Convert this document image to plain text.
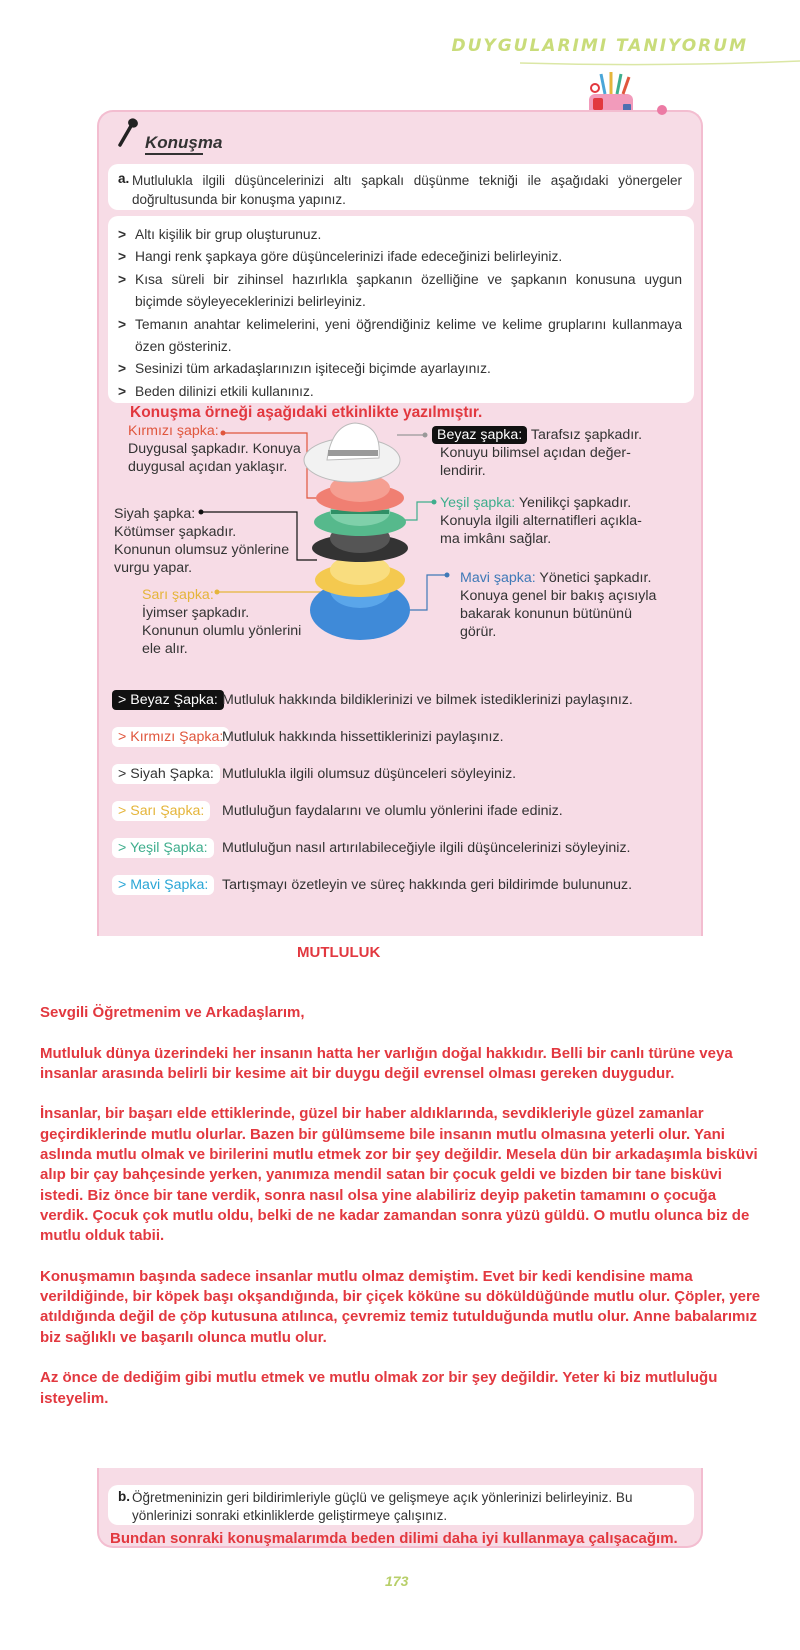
DUYGULARIMI TANIYORUM
Konuşma
a. Mutlulukla ilgili düşüncelerinizi altı şapkalı düşünme tekniği ile aşağıdaki yönergeler doğrultusunda bir konuşma yapınız.
> Altı kişilik bir grup oluşturunuz.
> Hangi renk şapkaya göre düşüncelerinizi ifade edeceğinizi belirleyiniz.
> Kısa süreli bir zihinsel hazırlıkla şapkanın özelliğine ve şapkanın konusuna uygun biçimde söyleyeceklerinizi belirleyiniz.
> Temanın anahtar kelimelerini, yeni öğrendiğiniz kelime ve kelime gruplarını kullanmaya özen gösteriniz.
> Sesinizi tüm arkadaşlarınızın işiteceği biçimde ayarlayınız.
> Beden dilinizi etkili kullanınız.
Konuşma örneği aşağıdaki etkinlikte yazılmıştır.
Kırmızı şapka:
Duygusal şapkadır. Konuya
duygusal açıdan yaklaşır.
Siyah şapka:
Kötümser şapkadır.
Konunun olumsuz yönlerine
vurgu yapar.
Sarı şapka:
İyimser şapkadır.
Konunun olumlu yönlerini
ele alır.
Beyaz şapka: Tarafsız şapkadır.
Konuyu bilimsel açıdan değer-
lendirir.
Yeşil şapka: Yenilikçi şapkadır.
Konuyla ilgili alternatifleri açıkla-
ma imkânı sağlar.
Mavi şapka: Yönetici şapkadır.
Konuya genel bir bakış açısıyla
bakarak konunun bütününü
görür.
> Beyaz Şapka: Mutluluk hakkında bildiklerinizi ve bilmek istediklerinizi paylaşınız.
> Kırmızı Şapka:
Mutluluk hakkında hissettiklerinizi paylaşınız.
> Siyah Şapka: Mutlulukla ilgili olumsuz düşünceleri söyleyiniz.
> Sarı Şapka: Mutluluğun faydalarını ve olumlu yönlerini ifade ediniz.
> Yeşil Şapka: Mutluluğun nasıl artırılabileceğiyle ilgili düşüncelerinizi söyleyiniz.
> Mavi Şapka: Tartışmayı özetleyin ve süreç hakkında geri bildirimde bulununuz.
MUTLULUK

Sevgili Öğretmenim ve Arkadaşlarım,

Mutluluk dünya üzerindeki her insanın hatta her varlığın doğal hakkıdır. Belli bir canlı türüne veya insanlar arasında belirli bir kesime ait bir duygu değil evrensel olması gereken duygudur.

İnsanlar, bir başarı elde ettiklerinde, güzel bir haber aldıklarında, sevdikleriyle güzel zamanlar geçirdiklerinde mutlu olurlar. Bazen bir gülümseme bile insanın mutlu olmasına yeterli olur. Yani aslında mutlu olmak ve birilerini mutlu etmek zor bir şey değildir. Mesela dün bir arkadaşımla bisküvi alıp bir çay bahçesinde yerken, yanımıza mendil satan bir çocuk geldi ve bizden bir tane bisküvi istedi. Biz önce bir tane verdik, sonra nasıl olsa yine alabiliriz deyip paketin tamamını o çocuğa verdik. Çocuk çok mutlu oldu, belki de ne kadar zamandan sonra yüzü güldü. O mutlu olunca biz de mutlu olduk tabii.

Konuşmamın başında sadece insanlar mutlu olmaz demiştim. Evet bir kedi kendisine mama verildiğinde, bir köpek başı okşandığında, bir çiçek köküne su döküldüğünde mutlu olur. Çöpler, yere atıldığında değil de çöp kutusuna atılınca, çevremiz temiz tutulduğunda mutlu olur. Anne babalarımız biz sağlıklı ve başarılı olunca mutlu olur.

Az önce de dediğim gibi mutlu etmek ve mutlu olmak zor bir şey değildir. Yeter ki biz mutluluğu isteyelim.

b. Öğretmeninizin geri bildirimleriyle güçlü ve gelişmeye açık yönlerinizi belirleyiniz. Bu yönlerinizi sonraki etkinliklerde geliştirmeye çalışınız.
Bundan sonraki konuşmalarımda beden dilimi daha iyi kullanmaya çalışacağım.
173
